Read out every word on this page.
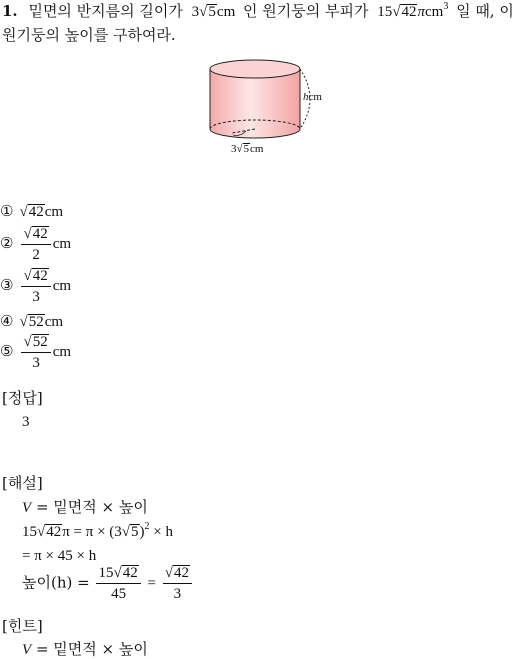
1. 밑면의 반지름의 길이가 3√5cm 인 원기둥의 부피가 15√42πcm$^3$ 일 때, 이
원기둥의 높이를 구하여라.
hcm
3√5cm
① √42cm
② $\frac{√42}{2}$ cm
③ $\frac{√42}{3}$ cm
④ √52cm
⑤ $\frac{√52}{3}$ cm
[정답]
3
[해설]
V = 밑면적 × 높이
$15√42\pi = \pi \times (3√5)^2 \times h$
= π × 45 × h
높이$(h) = \frac{15√42}{45} = \frac{√42}{3}$
[힌트]
V = 밑면적 × 높이
